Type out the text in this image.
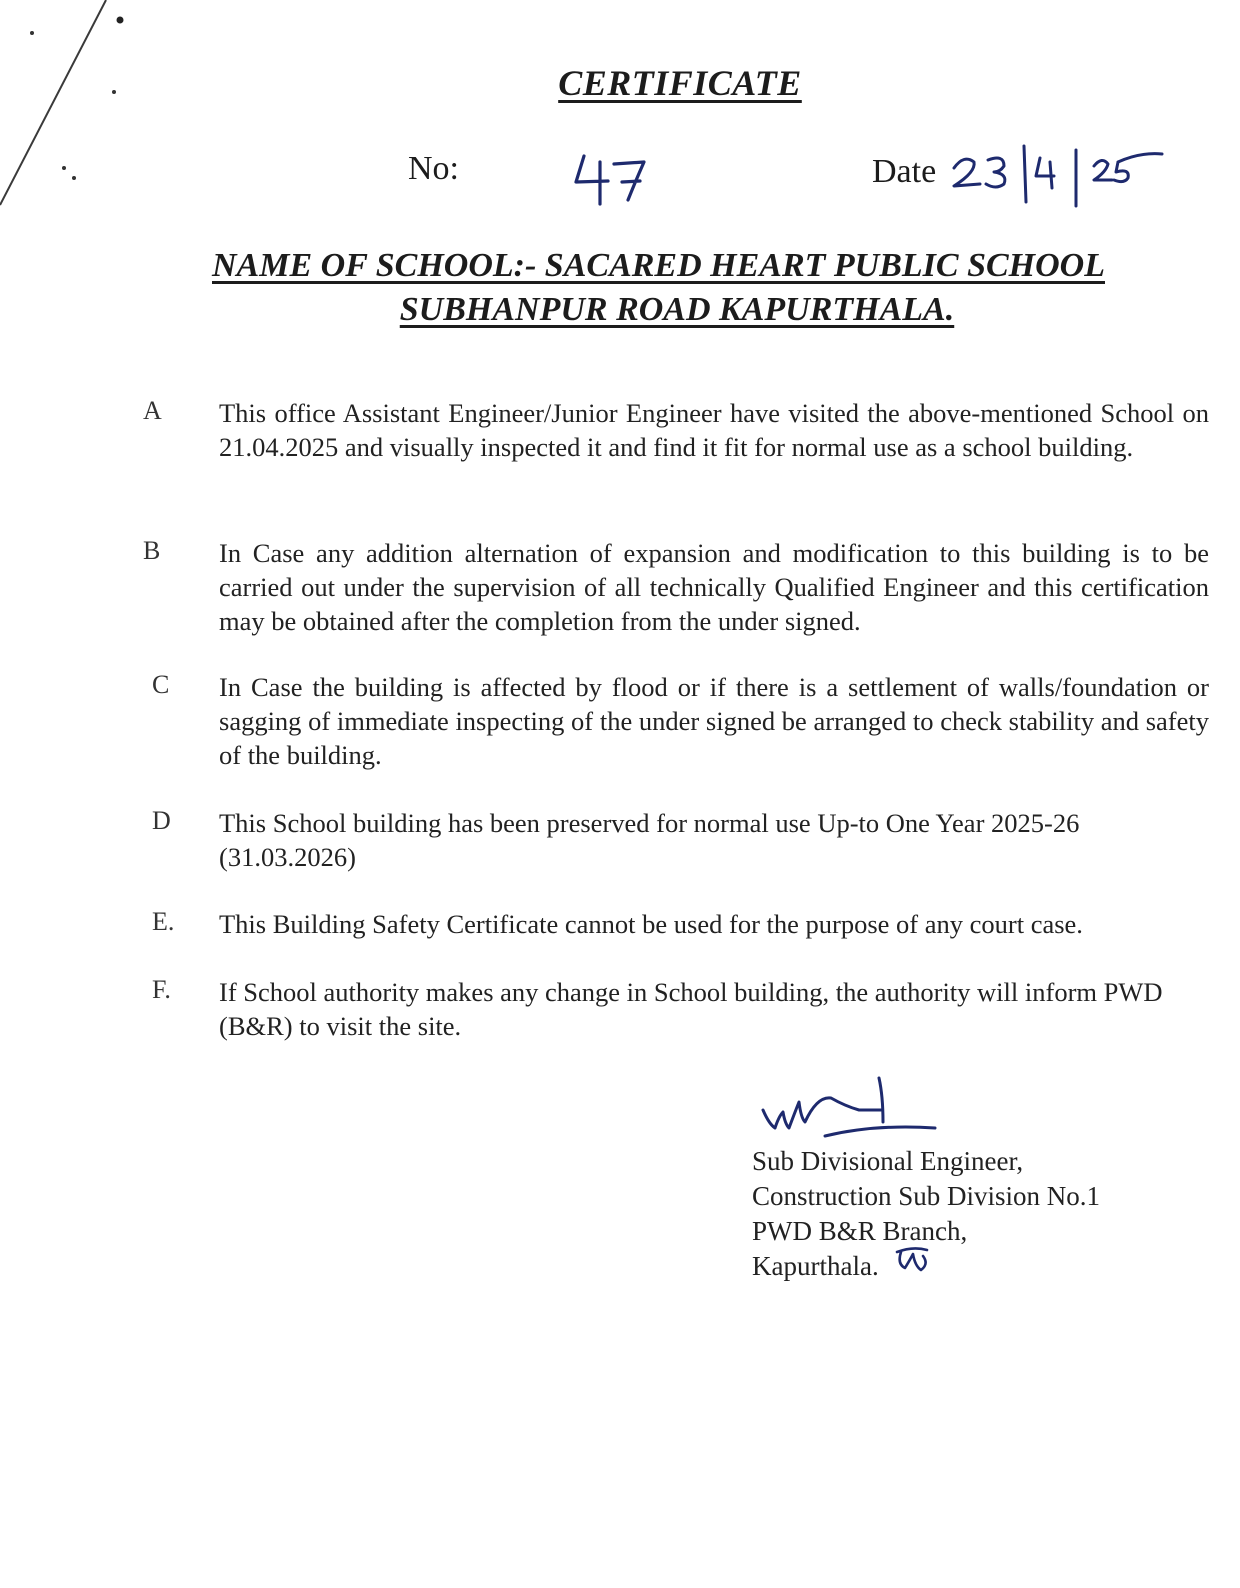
CERTIFICATE
No:	Date
NAME OF SCHOOL:- SACARED HEART PUBLIC SCHOOL
SUBHANPUR ROAD KAPURTHALA.
A This office Assistant Engineer/Junior Engineer have visited the above-mentioned School on 21.04.2025 and visually inspected it and find it fit for normal use as a school building.
B In Case any addition alternation of expansion and modification to this building is to be carried out under the supervision of all technically Qualified Engineer and this certification may be obtained after the completion from the under signed.
C In Case the building is affected by flood or if there is a settlement of walls/foundation or sagging of immediate inspecting of the under signed be arranged to check stability and safety of the building.
D This School building has been preserved for normal use Up-to One Year 2025-26 (31.03.2026)
E. This Building Safety Certificate cannot be used for the purpose of any court case.
F. If School authority makes any change in School building, the authority will inform PWD (B&R) to visit the site.
Sub Divisional Engineer,
Construction Sub Division No.1
PWD B&R Branch,
Kapurthala.
